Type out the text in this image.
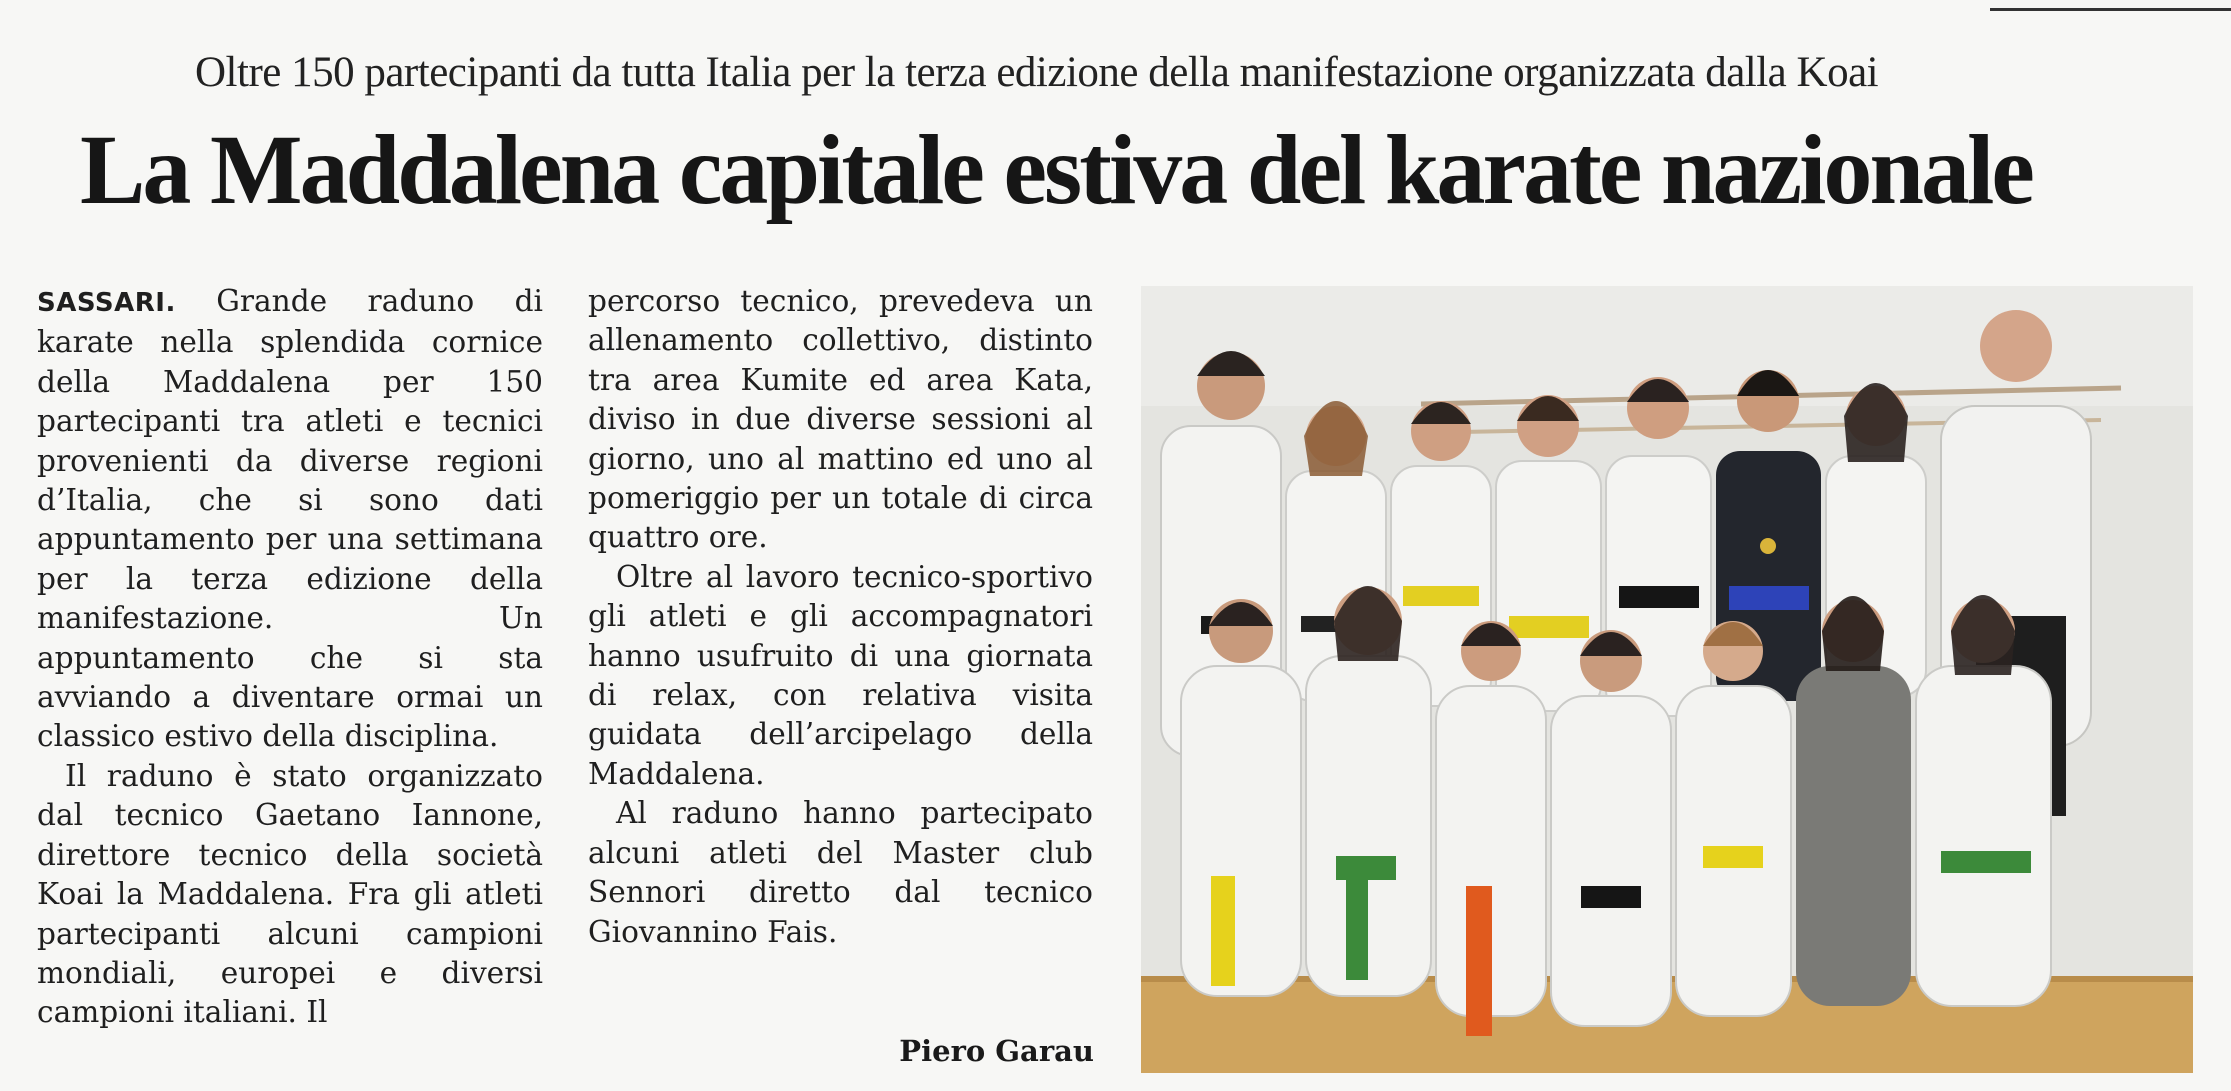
Oltre 150 partecipanti da tutta Italia per la terza edizione della manifestazione organizzata dalla Koai
La Maddalena capitale estiva del karate nazionale

SASSARI. Grande raduno di karate nella splendida cornice della Maddalena per 150 partecipanti tra atleti e tecnici provenienti da diverse regioni d’Italia, che si sono dati appuntamento per una settimana per la terza edizione della manifestazione. Un appuntamento che si sta avviando a diventare ormai un classico estivo della disciplina.

Il raduno è stato organizzato dal tecnico Gaetano Iannone, direttore tecnico della società Koai la Maddalena. Fra gli atleti partecipanti alcuni campioni mondiali, europei e diversi campioni italiani. Il

percorso tecnico, prevedeva un allenamento collettivo, distinto tra area Kumite ed area Kata, diviso in due diverse sessioni al giorno, uno al mattino ed uno al pomeriggio per un totale di circa quattro ore.

Oltre al lavoro tecnico-sportivo gli atleti e gli accompagnatori hanno usufruito di una giornata di relax, con relativa visita guidata dell’arcipelago della Maddalena.

Al raduno hanno partecipato alcuni atleti del Master club Sennori diretto dal tecnico Giovannino Fais.

Piero Garau
